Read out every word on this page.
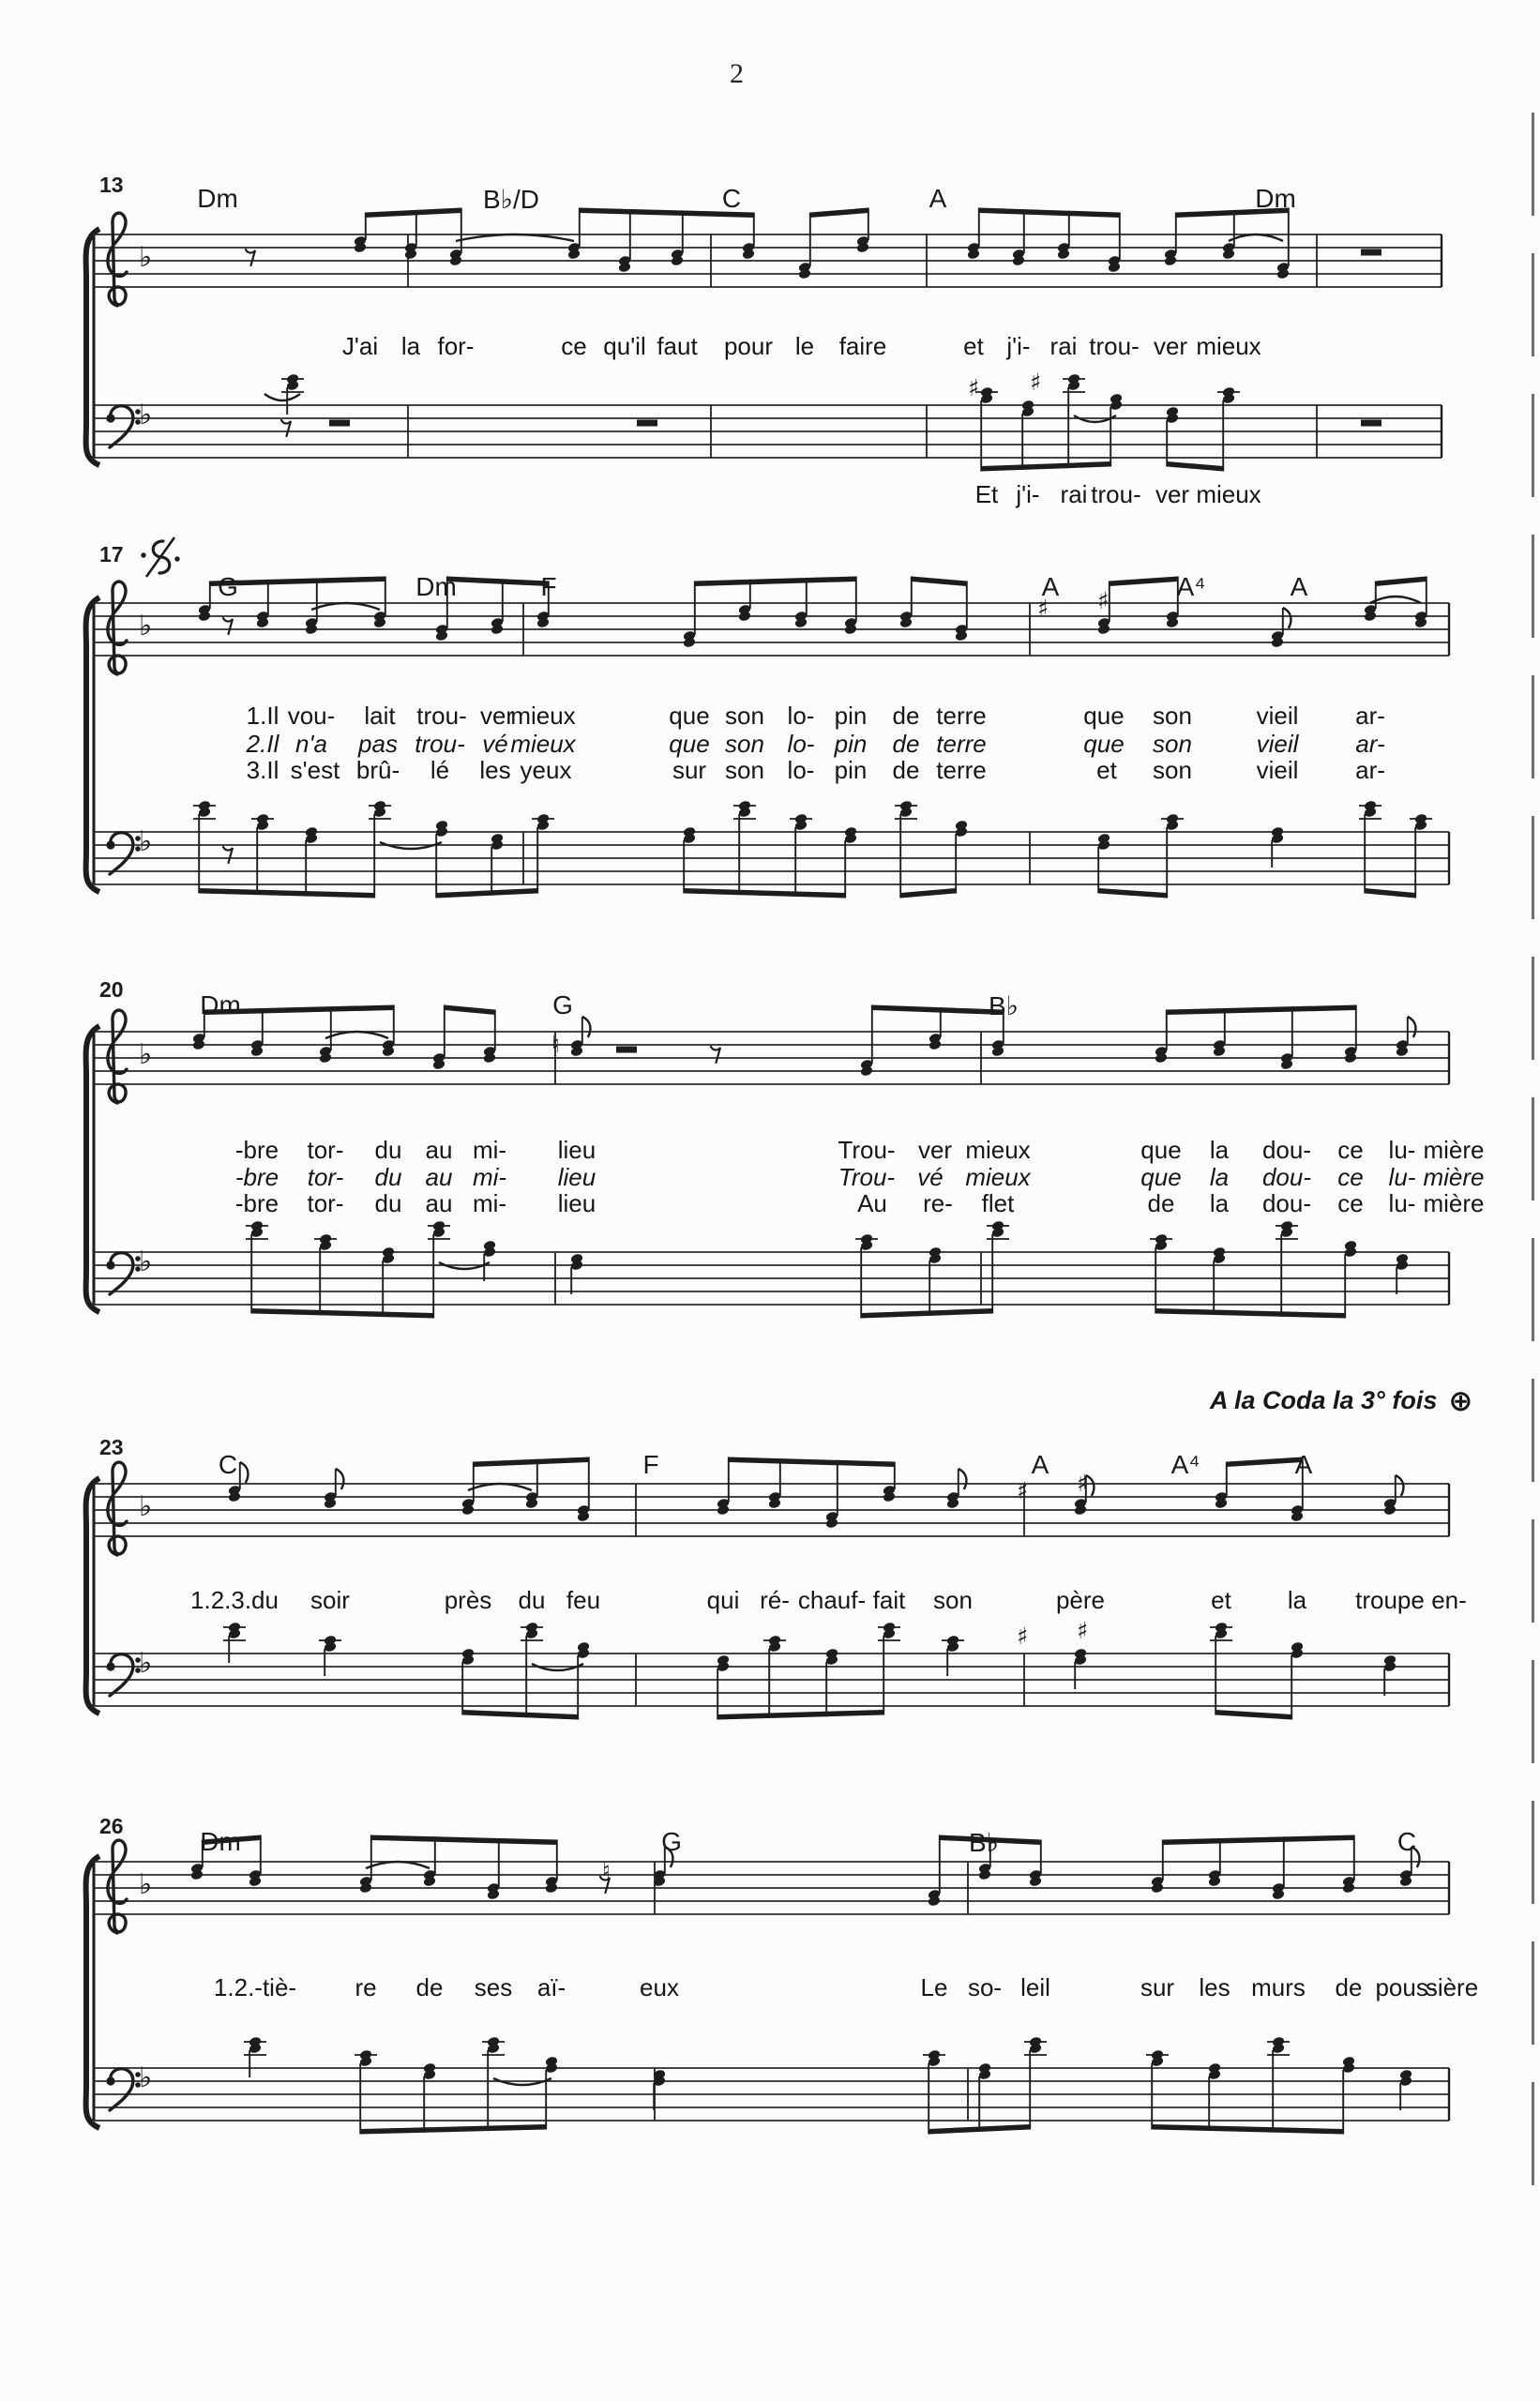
2
♭
♭
♯ ♯
♭
♭
♯ ♯
♭
♭
♮
♭
♭
♯ ♯
♯ ♯
♭
♭
♮
13	Dm	B♭/D	C	A	Dm
J'ai la for-	ce qu'il faut pour le faire	et j'i- rai trou- ver mieux
Et j'i- rai trou- ver mieux
17
G	Dm	F	A	A⁴	A
1.Il vou- lait trou- ver
mieux	que son lo- pin de terre	que son	vieil ar-
2.Il n'a pas trou- vé mieux	que son lo- pin de terre	que son	vieil ar-
3.Il s'est brû- lé les yeux	sur son lo- pin de terre	et son	vieil ar-
20
Dm	G	B♭
-bre tor- du au mi- lieu	Trou- ver mieux	que la dou- ce lu- mière
-bre tor- du au mi- lieu	Trou- vé mieux	que la dou- ce lu- mière
-bre tor- du au mi- lieu	Au re- flet	de la dou- ce lu- mière
23
C	F	A	A⁴	A
1.2.3.du soir	près du feu	qui ré- chauf- fait son	père	et la troupe en-
A la Coda la 3° fois ⊕
26
Dm	G	B♭	C
1.2.-tiè- re de ses aï-	eux	Le so- leil	sur les murs de pous-
sière
